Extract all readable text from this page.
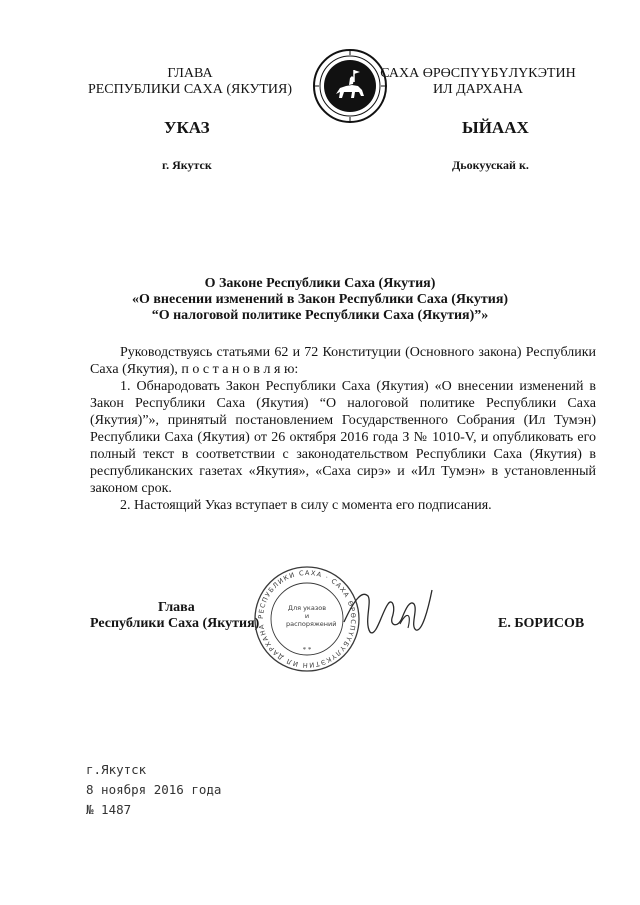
ГЛАВА
РЕСПУБЛИКИ САХА (ЯКУТИЯ)
САХА ӨРӨСПҮҮБҮЛҮКЭТИН
ИЛ ДАРХАНА
УКАЗ	ЫЙААХ
г. Якутск	Дьокуускай к.
О Законе Республики Саха (Якутия)
«О внесении изменений в Закон Республики Саха (Якутия)
“О налоговой политике Республики Саха (Якутия)”»

Руководствуясь статьями 62 и 72 Конституции (Основного закона) Республики Саха (Якутия), п о с т а н о в л я ю:

1. Обнародовать Закон Республики Саха (Якутия) «О внесении изменений в Закон Республики Саха (Якутия) “О налоговой политике Республики Саха (Якутия)”», принятый постановлением Государственного Собрания (Ил Тумэн) Республики Саха (Якутия) от 26 октября 2016 года З № 1010-V, и опубликовать его полный текст в соответствии с законодательством Республики Саха (Якутия) в республиканских газетах «Якутия», «Саха сирэ» и «Ил Тумэн» в установленный законом срок.

2. Настоящий Указ вступает в силу с момента его подписания.

Глава
Республики Саха (Якутия)	Е. БОРИСОВ
РЕСПУБЛИКИ САХА · САХА ӨРӨСПҮҮБҮЛҮКЭТИН ИЛ ДАРХАНА
* *
Для указов и распоряжений
г.Якутск
8 ноября 2016 года
№ 1487
